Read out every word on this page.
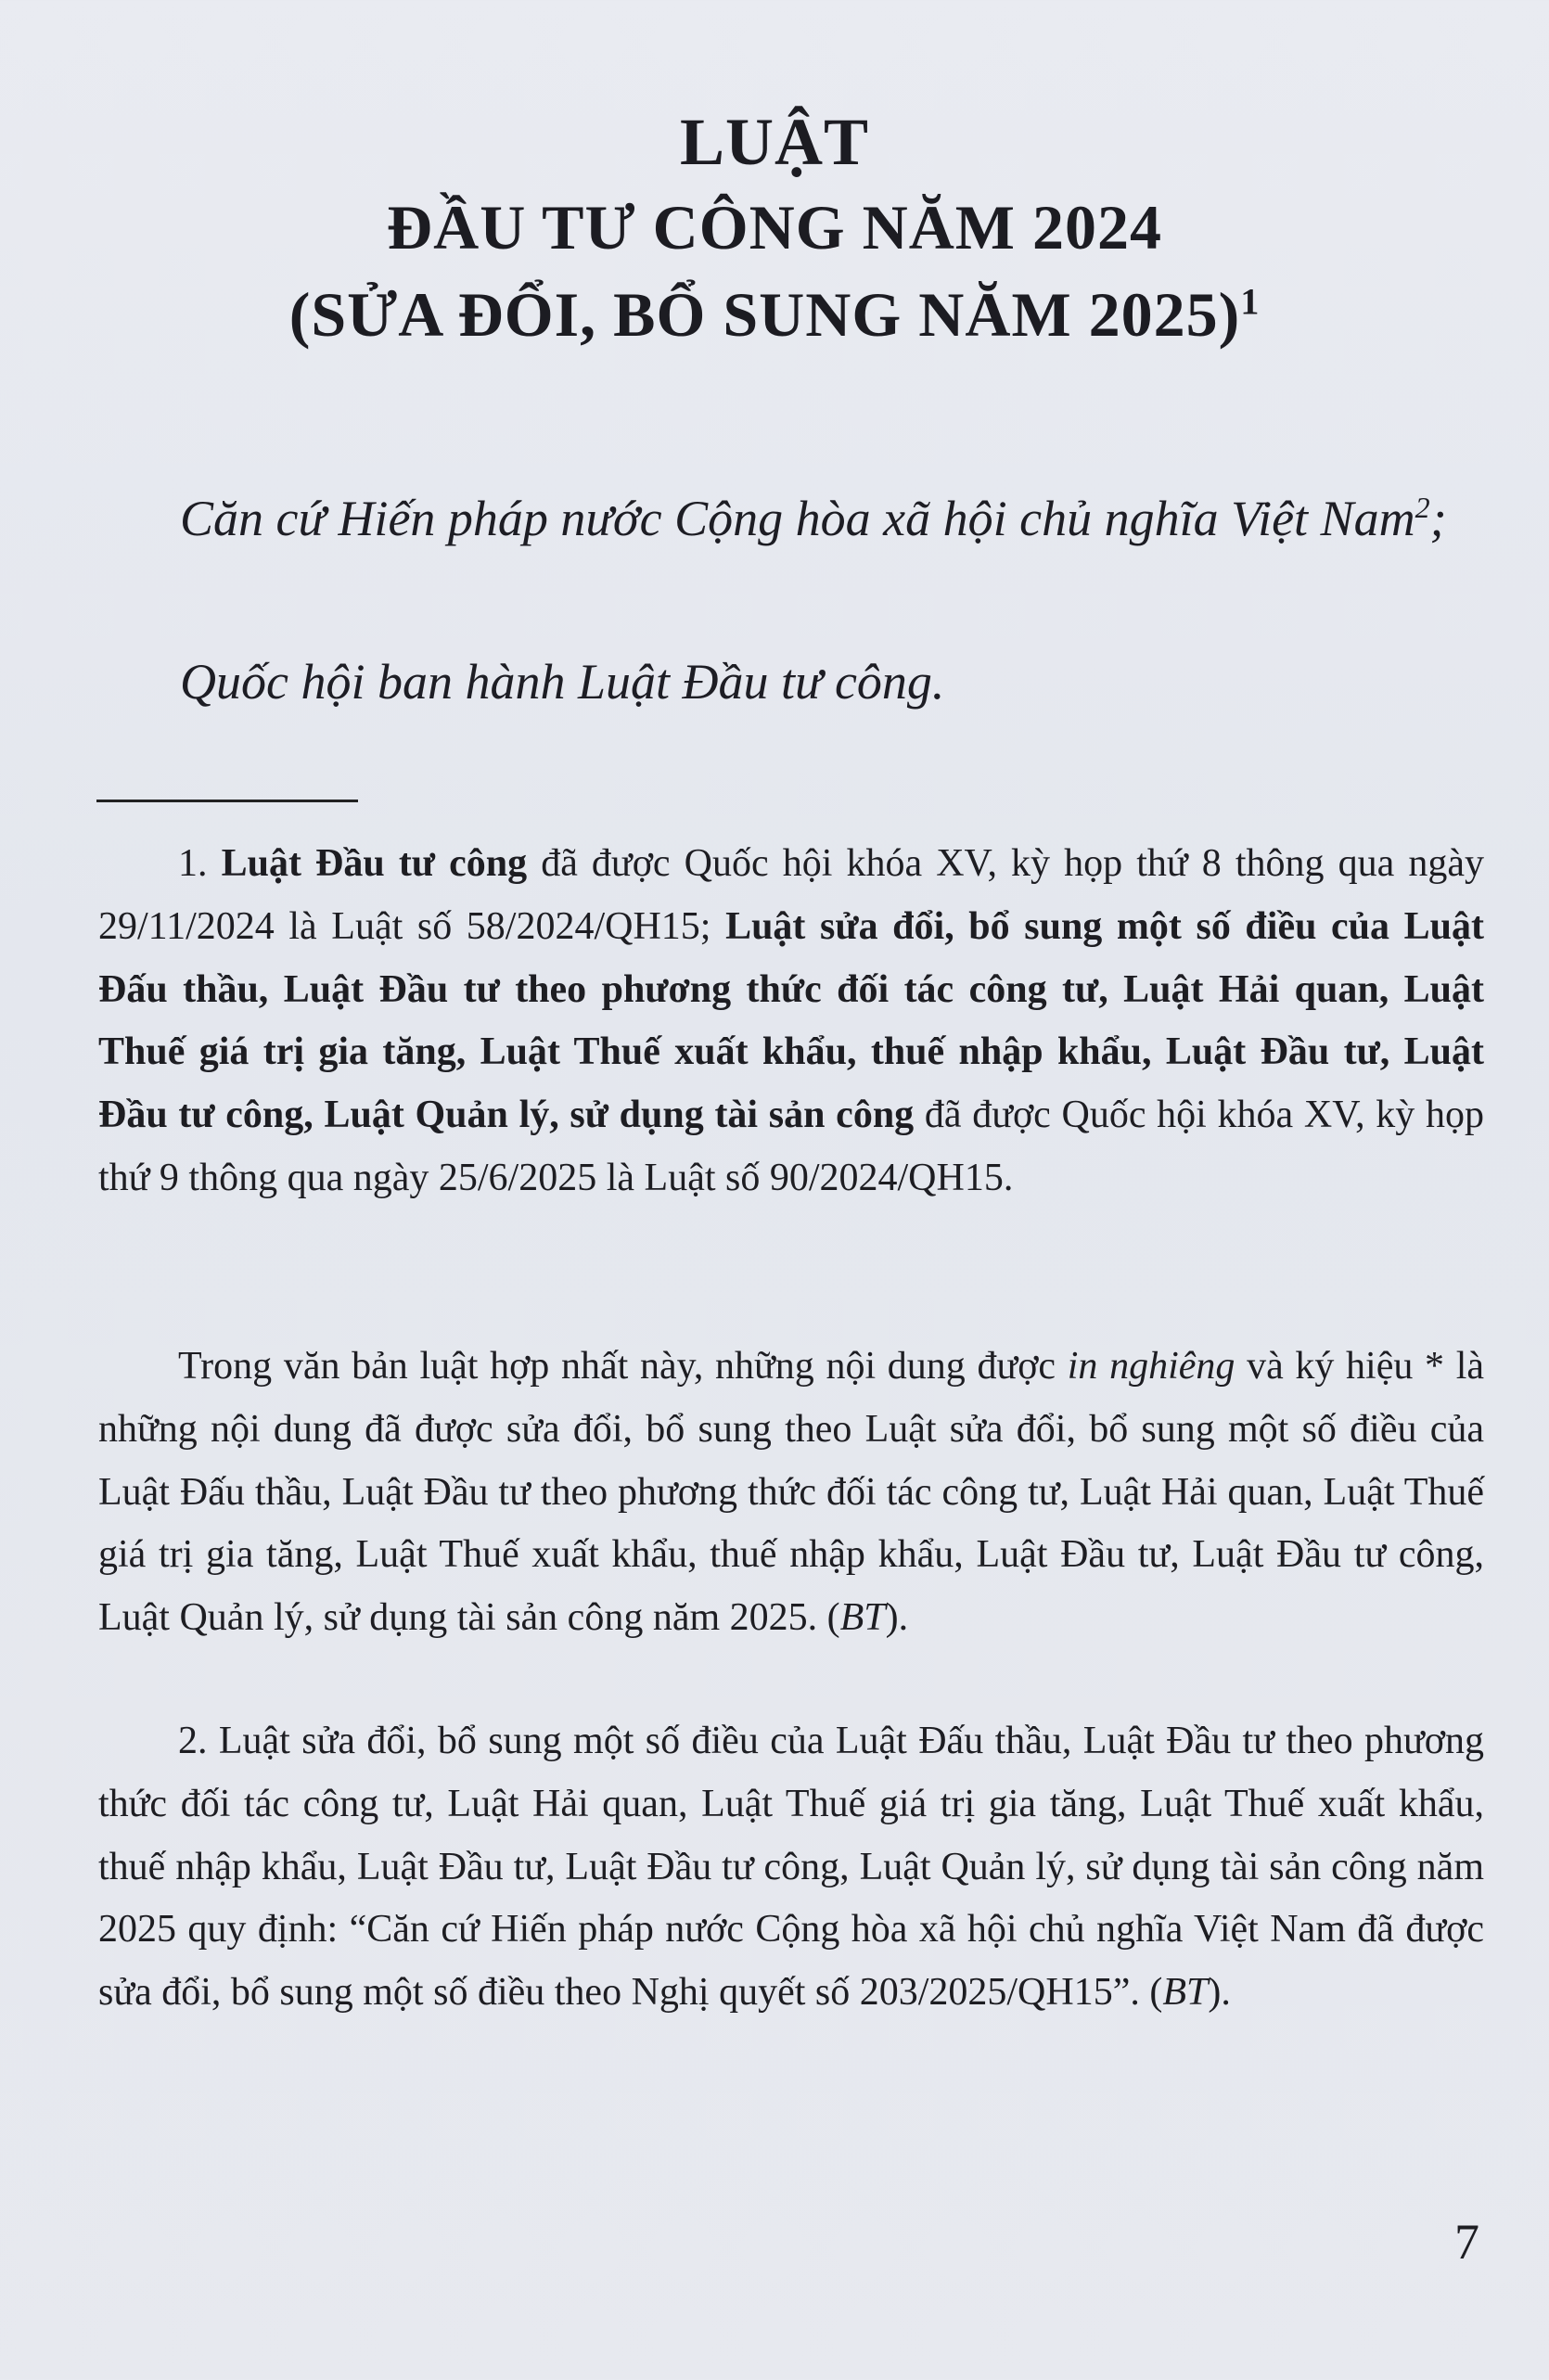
LUẬT
ĐẦU TƯ CÔNG NĂM 2024
(SỬA ĐỔI, BỔ SUNG NĂM 2025)$^1$
Căn cứ Hiến pháp nước Cộng hòa xã hội chủ nghĩa Việt Nam$^2$;
Quốc hội ban hành Luật Đầu tư công.
1. Luật Đầu tư công đã được Quốc hội khóa XV, kỳ họp thứ 8 thông qua ngày 29/11/2024 là Luật số 58/2024/QH15; Luật sửa đổi, bổ sung một số điều của Luật Đấu thầu, Luật Đầu tư theo phương thức đối tác công tư, Luật Hải quan, Luật Thuế giá trị gia tăng, Luật Thuế xuất khẩu, thuế nhập khẩu, Luật Đầu tư, Luật Đầu tư công, Luật Quản lý, sử dụng tài sản công đã được Quốc hội khóa XV, kỳ họp thứ 9 thông qua ngày 25/6/2025 là Luật số 90/2024/QH15.
Trong văn bản luật hợp nhất này, những nội dung được in nghiêng và ký hiệu * là những nội dung đã được sửa đổi, bổ sung theo Luật sửa đổi, bổ sung một số điều của Luật Đấu thầu, Luật Đầu tư theo phương thức đối tác công tư, Luật Hải quan, Luật Thuế giá trị gia tăng, Luật Thuế xuất khẩu, thuế nhập khẩu, Luật Đầu tư, Luật Đầu tư công, Luật Quản lý, sử dụng tài sản công năm 2025. (BT).
2. Luật sửa đổi, bổ sung một số điều của Luật Đấu thầu, Luật Đầu tư theo phương thức đối tác công tư, Luật Hải quan, Luật Thuế giá trị gia tăng, Luật Thuế xuất khẩu, thuế nhập khẩu, Luật Đầu tư, Luật Đầu tư công, Luật Quản lý, sử dụng tài sản công năm 2025 quy định: “Căn cứ Hiến pháp nước Cộng hòa xã hội chủ nghĩa Việt Nam đã được sửa đổi, bổ sung một số điều theo Nghị quyết số 203/2025/QH15”. (BT).
7
